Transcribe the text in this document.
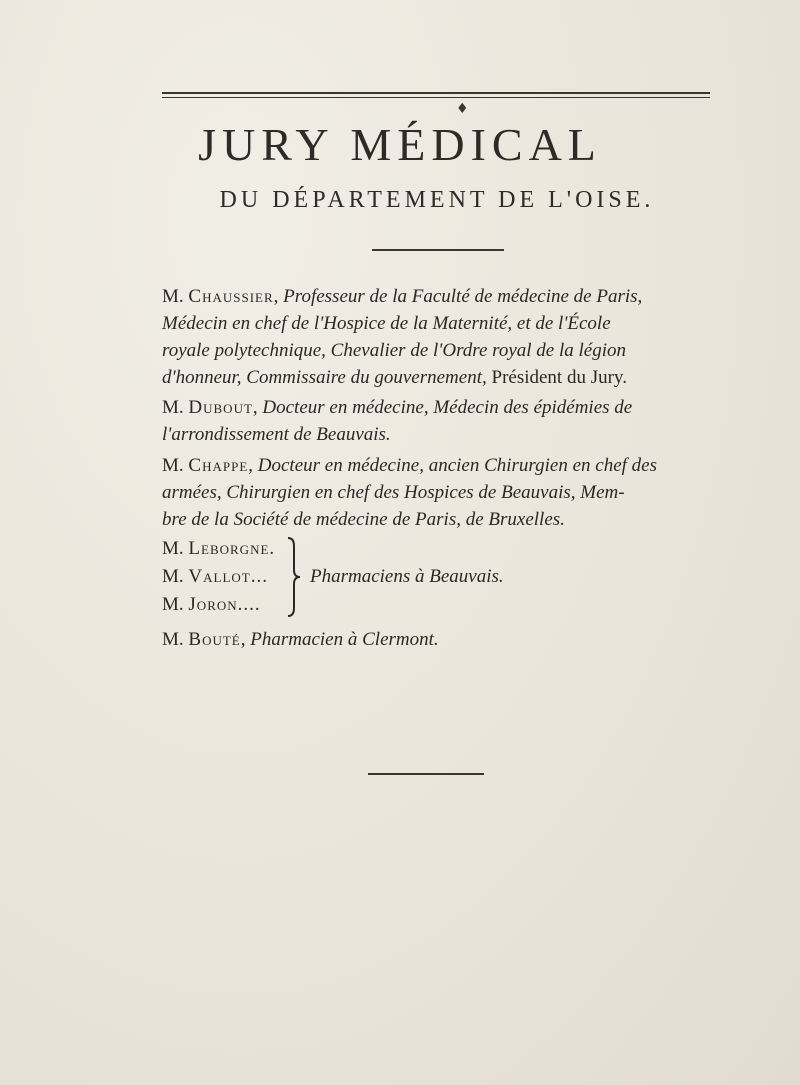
♦
JURY MÉDICAL
DU DÉPARTEMENT DE L'OISE.
M. Chaussier, Professeur de la Faculté de médecine de Paris,
Médecin en chef de l'Hospice de la Maternité, et de l'École
royale polytechnique, Chevalier de l'Ordre royal de la légion
d'honneur, Commissaire du gouvernement, Président du Jury.
M. Dubout, Docteur en médecine, Médecin des épidémies de
l'arrondissement de Beauvais.
M. Chappe, Docteur en médecine, ancien Chirurgien en chef des
armées, Chirurgien en chef des Hospices de Beauvais, Mem-
bre de la Société de médecine de Paris, de Bruxelles.
M. Leborgne.
M. Vallot...
M. Joron....
Pharmaciens à Beauvais.
M. Bouté, Pharmacien à Clermont.
